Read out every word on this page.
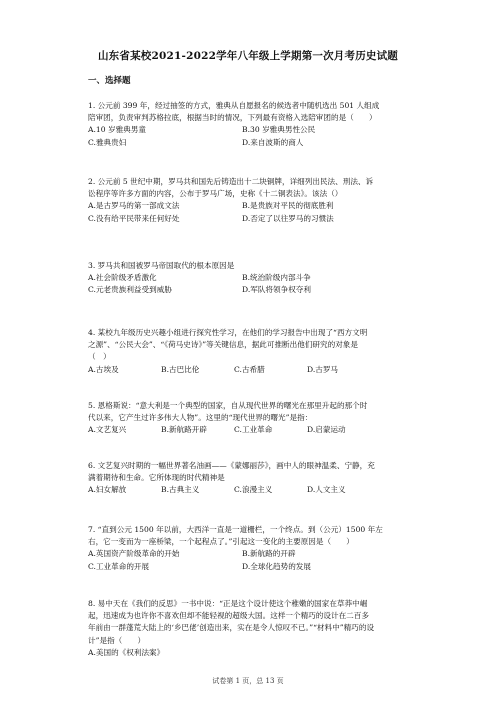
山东省某校2021-2022学年八年级上学期第一次月考历史试题
一、选择题

1. 公元前 399 年，经过抽签的方式，雅典从自愿报名的候选者中随机选出 501 人组成

陪审团，负责审判苏格拉底，根据当时的情况，下列最有资格入选陪审团的是（　　）

A.10 岁雅典男童	B.30 岁雅典男性公民
C.雅典贵妇	D.来自波斯的商人

2. 公元前 5 世纪中期，罗马共和国先后铸造出十二块铜牌，详细列出民法、刑法、诉

讼程序等许多方面的内容，公布于罗马广场，史称《十二铜表法》。该法（）

A.是古罗马的第一部成文法	B.是贵族对平民的彻底胜利
C.没有给平民带来任何好处	D.否定了以往罗马的习惯法

3. 罗马共和国被罗马帝国取代的根本原因是

A.社会阶级矛盾激化	B.统治阶级内部斗争
C.元老贵族利益受到威胁	D.军队将领争权夺利

4. 某校九年级历史兴趣小组进行探究性学习，在他们的学习报告中出现了“西方文明

之源”、“公民大会”、“《荷马史诗》”等关键信息，据此可推断出他们研究的对象是

（　）

A.古埃及	B.古巴比伦	C.古希腊	D.古罗马

5. 恩格斯说：“意大利是一个典型的国家，自从现代世界的曙光在那里升起的那个时

代以来，它产生过许多伟大人物”。这里的“现代世界的曙光”是指：

A.文艺复兴	B.新航路开辟	C.工业革命	D.启蒙运动

6. 文艺复兴时期的一幅世界著名油画——《蒙娜丽莎》，画中人的眼神温柔、宁静，充

满着期待和生命。它所体现的时代精神是

A.妇女解放	B.古典主义	C.浪漫主义	D.人文主义

7. “直到公元 1500 年以前，大西洋一直是一道栅栏，一个终点。到（公元）1500 年左

右，它一变而为一座桥梁，一个起程点了。”引起这一变化的主要原因是（　　）

A.英国资产阶级革命的开始	B.新航路的开辟
C.工业革命的开展	D.全球化趋势的发展

8. 易中天在《我们的反思》一书中说：“正是这个设计使这个稚嫩的国家在草莽中崛

起，迅速成为也许你不喜欢但却不能轻视的超级大国。这样一个精巧的设计在二百多

年前由一群蓬荒大陆上的‘乡巴佬’创造出来，实在是令人惊叹不已。”“材料中”精巧的设

计”是指（　　）

A.美国的《权利法案》
试卷第 1 页，总 13 页
